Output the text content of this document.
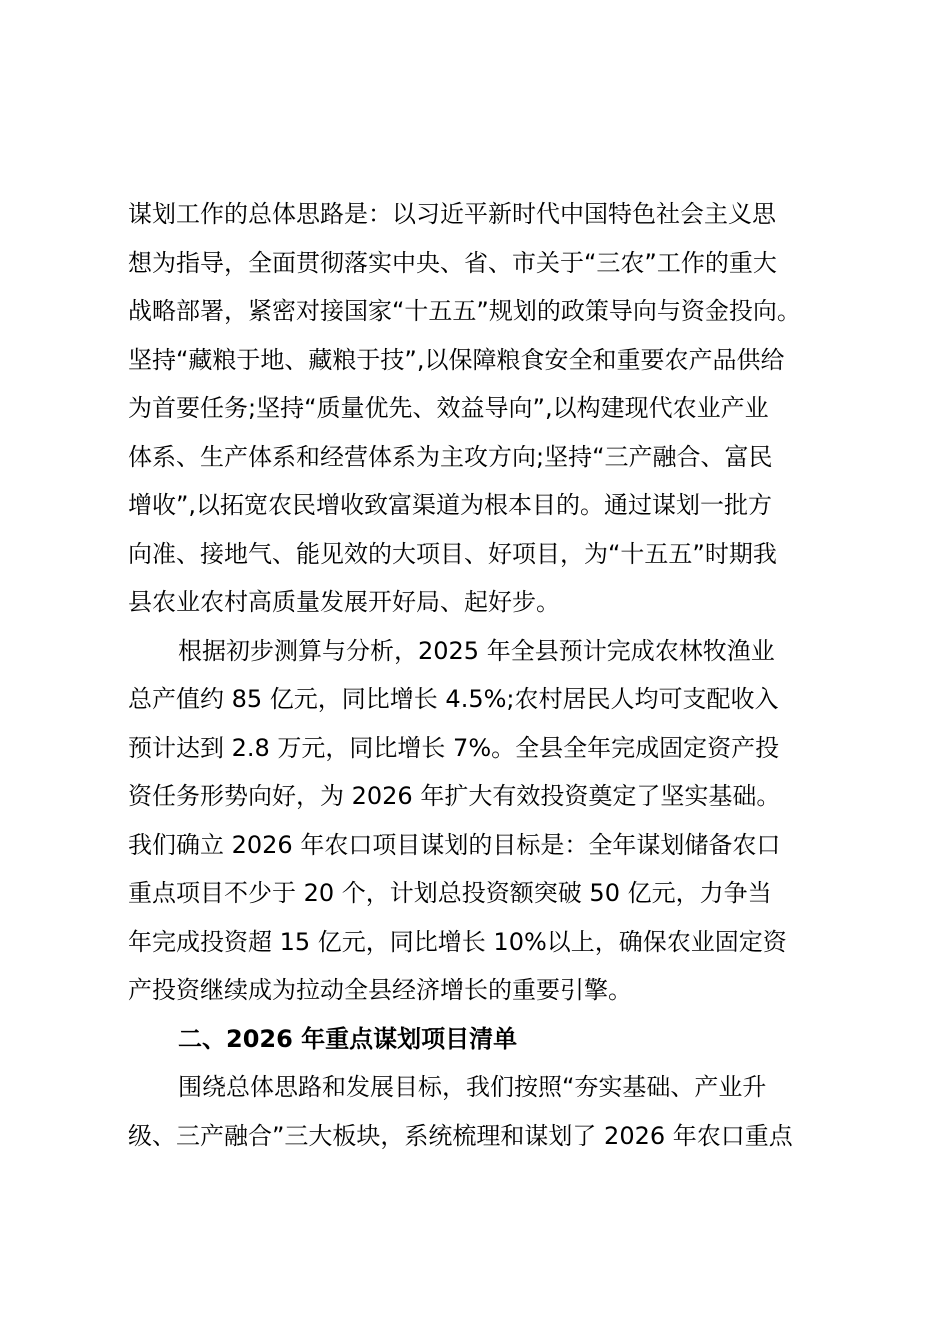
谋划工作的总体思路是：以习近平新时代中国特色社会主义思
想为指导，全面贯彻落实中央、省、市关于“三农”工作的重大
战略部署，紧密对接国家“十五五”规划的政策导向与资金投向。
坚持“藏粮于地、藏粮于技”,以保障粮食安全和重要农产品供给
为首要任务;坚持“质量优先、效益导向”,以构建现代农业产业
体系、生产体系和经营体系为主攻方向;坚持“三产融合、富民
增收”,以拓宽农民增收致富渠道为根本目的。通过谋划一批方
向准、接地气、能见效的大项目、好项目，为“十五五”时期我
县农业农村高质量发展开好局、起好步。
根据初步测算与分析，2025 年全县预计完成农林牧渔业
总产值约 85 亿元，同比增长 4.5%;农村居民人均可支配收入
预计达到 2.8 万元，同比增长 7%。全县全年完成固定资产投
资任务形势向好，为 2026 年扩大有效投资奠定了坚实基础。
我们确立 2026 年农口项目谋划的目标是：全年谋划储备农口
重点项目不少于 20 个，计划总投资额突破 50 亿元，力争当
年完成投资超 15 亿元，同比增长 10%以上，确保农业固定资
产投资继续成为拉动全县经济增长的重要引擎。
二、2026 年重点谋划项目清单
围绕总体思路和发展目标，我们按照“夯实基础、产业升
级、三产融合”三大板块，系统梳理和谋划了 2026 年农口重点
